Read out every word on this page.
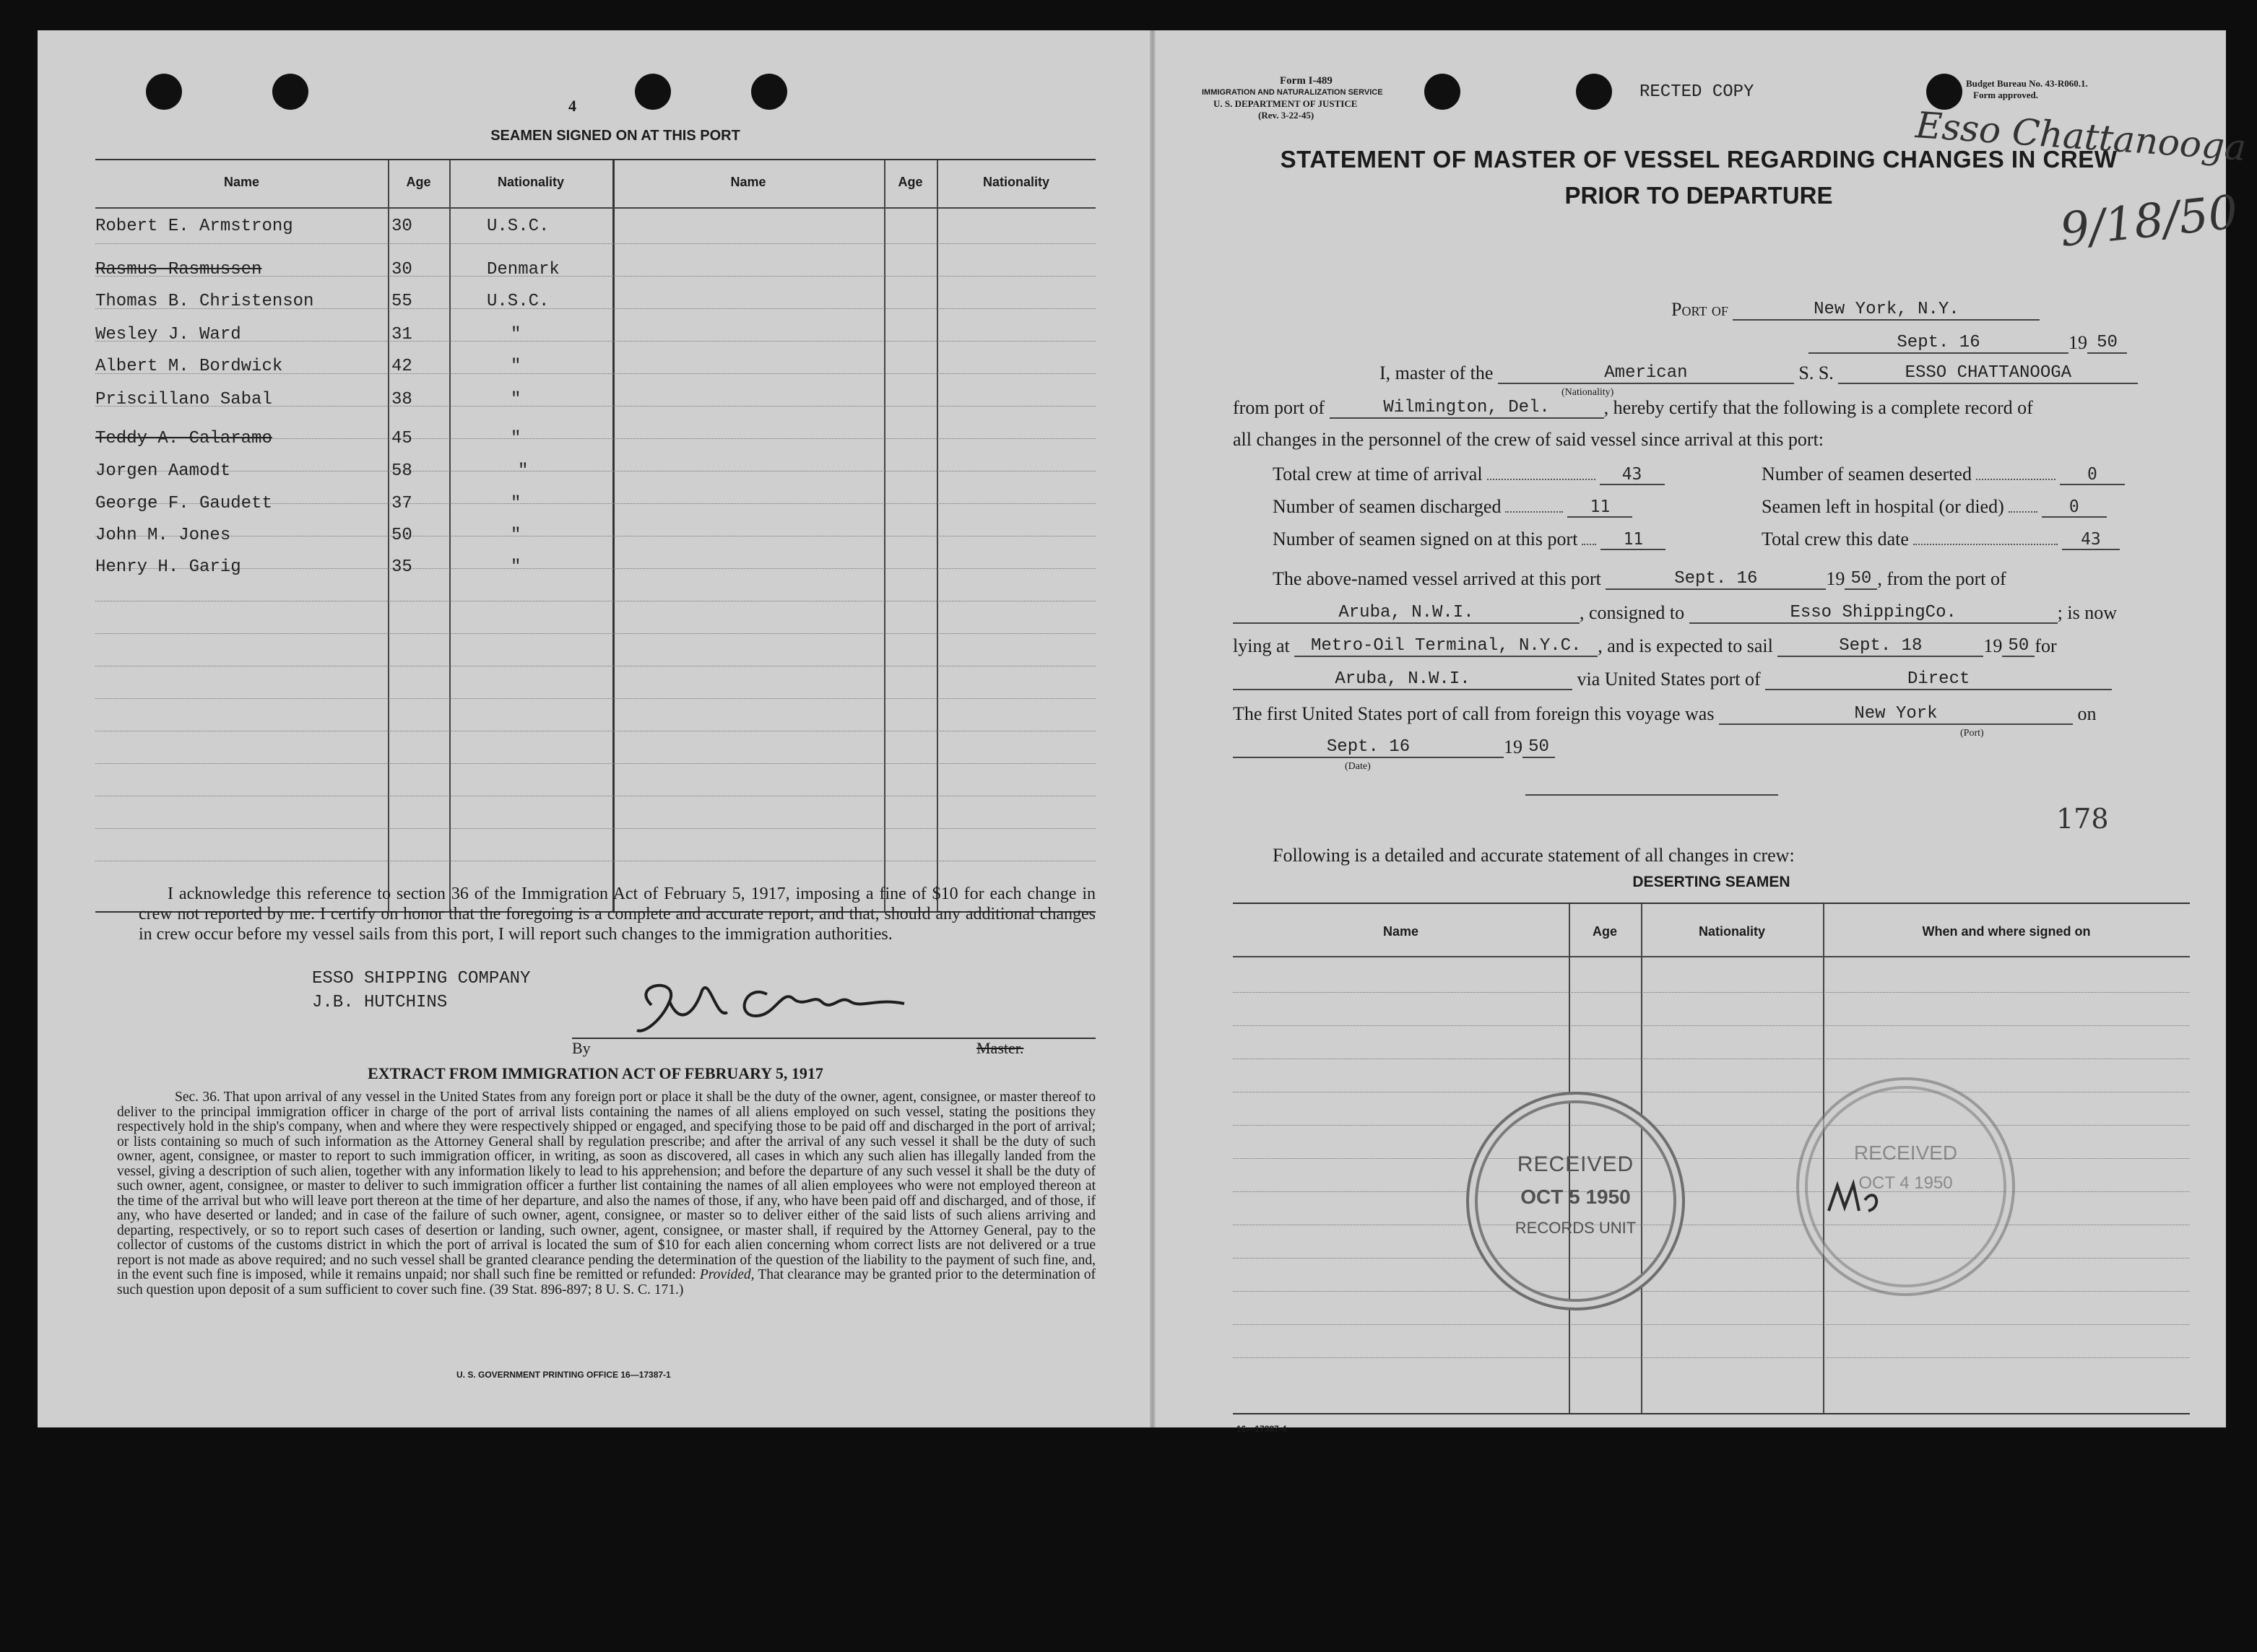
4
SEAMEN SIGNED ON AT THIS PORT
Name	Age	Nationality	Name	Age	Nationality
Robert E. Armstrong	30	U.S.C.
Rasmus Rasmussen	30	Denmark
Thomas B. Christenson	55	U.S.C.
Wesley J. Ward	31	"
Albert M. Bordwick	42	"
Priscillano Sabal	38	"
Teddy A. Calaramo	45	"
Jorgen Aamodt	58	"
George F. Gaudett	37	"
John M. Jones	50	"
Henry H. Garig	35	"
I acknowledge this reference to section 36 of the Immigration Act of February 5, 1917, imposing a fine of $10 for each change in crew not reported by me. I certify on honor that the foregoing is a complete and accurate report, and that, should any additional changes in crew occur before my vessel sails from this port, I will report such changes to the immigration authorities.
ESSO SHIPPING COMPANY
J.B. HUTCHINS
By	Master.
EXTRACT FROM IMMIGRATION ACT OF FEBRUARY 5, 1917
Sec. 36. That upon arrival of any vessel in the United States from any foreign port or place it shall be the duty of the owner, agent, consignee, or master thereof to deliver to the principal immigration officer in charge of the port of arrival lists containing the names of all aliens employed on such vessel, stating the positions they respectively hold in the ship's company, when and where they were respectively shipped or engaged, and specifying those to be paid off and discharged in the port of arrival; or lists containing so much of such information as the Attorney General shall by regulation prescribe; and after the arrival of any such vessel it shall be the duty of such owner, agent, consignee, or master to report to such immigration officer, in writing, as soon as discovered, all cases in which any such alien has illegally landed from the vessel, giving a description of such alien, together with any information likely to lead to his apprehension; and before the departure of any such vessel it shall be the duty of such owner, agent, consignee, or master to deliver to such immigration officer a further list containing the names of all alien employees who were not employed thereon at the time of the arrival but who will leave port thereon at the time of her departure, and also the names of those, if any, who have been paid off and discharged, and of those, if any, who have deserted or landed; and in case of the failure of such owner, agent, consignee, or master so to deliver either of the said lists of such aliens arriving and departing, respectively, or so to report such cases of desertion or landing, such owner, agent, consignee, or master shall, if required by the Attorney General, pay to the collector of customs of the customs district in which the port of arrival is located the sum of $10 for each alien concerning whom correct lists are not delivered or a true report is not made as above required; and no such vessel shall be granted clearance pending the determination of the question of the liability to the payment of such fine, and, in the event such fine is imposed, while it remains unpaid; nor shall such fine be remitted or refunded: Provided, That clearance may be granted prior to the determination of such question upon deposit of a sum sufficient to cover such fine. (39 Stat. 896-897; 8 U. S. C. 171.)
U. S. GOVERNMENT PRINTING OFFICE 16—17387-1
Form I-489
IMMIGRATION AND NATURALIZATION SERVICE
U. S. DEPARTMENT OF JUSTICE
(Rev. 3-22-45)
RECTED COPY	Budget Bureau No. 43-R060.1.
Form approved.
Esso Chattanooga
9/18/50
STATEMENT OF MASTER OF VESSEL REGARDING CHANGES IN CREW
PRIOR TO DEPARTURE
Port of	New York, N.Y.
Sept. 16	19 50
I, master of the	American	S. S.	ESSO CHATTANOOGA
(Nationality)
from port of	Wilmington, Del.	, hereby certify that the following is a complete record of
all changes in the personnel of the crew of said vessel since arrival at this port:
Total crew at time of arrival	43	Number of seamen deserted	0
Number of seamen discharged	11	Seamen left in hospital (or died)	0
Number of seamen signed on at this port	11	Total crew this date	43
The above-named vessel arrived at this port	Sept. 16	19 50 , from the port of
Aruba, N.W.I.	, consigned to	Esso ShippingCo.	; is now
lying at Metro-Oil Terminal, N.Y.C. , and is expected to sail	Sept. 18	19 50 for
Aruba, N.W.I.	via United States port of	Direct
The first United States port of call from foreign this voyage was	New York	on
(Port)
Sept. 16	19 50
(Date)
178
Following is a detailed and accurate statement of all changes in crew:
DESERTING SEAMEN
Name	Age	Nationality	When and where signed on
RECEIVED
OCT 5 1950
RECORDS UNIT
RECEIVED
OCT 4 1950
16—17387-4
